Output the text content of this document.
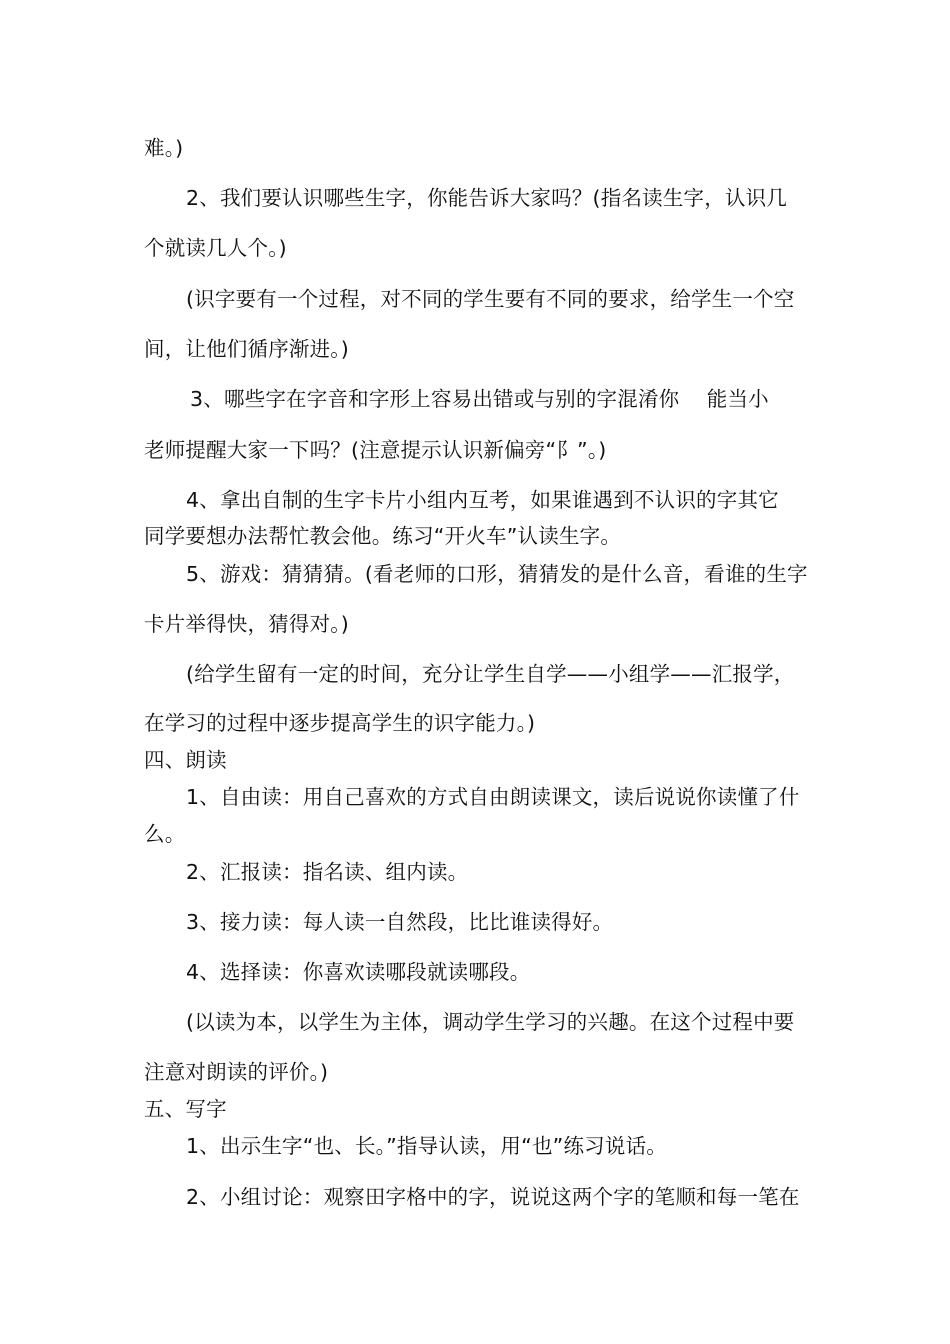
难。)
2、我们要认识哪些生字，你能告诉大家吗？(指名读生字，认识几
个就读几人个。)
(识字要有一个过程，对不同的学生要有不同的要求，给学生一个空
间，让他们循序渐进。)
3、哪些字在字音和字形上容易出错或与别的字混淆你　 能当小
老师提醒大家一下吗？(注意提示认识新偏旁“阝”。)
4、拿出自制的生字卡片小组内互考，如果谁遇到不认识的字其它
同学要想办法帮忙教会他。练习“开火车”认读生字。
5、游戏：猜猜猜。(看老师的口形，猜猜发的是什么音，看谁的生字
卡片举得快，猜得对。)
(给学生留有一定的时间，充分让学生自学——小组学——汇报学，
在学习的过程中逐步提高学生的识字能力。)
四、朗读
1、自由读：用自己喜欢的方式自由朗读课文，读后说说你读懂了什
么。
2、汇报读：指名读、组内读。
3、接力读：每人读一自然段，比比谁读得好。
4、选择读：你喜欢读哪段就读哪段。
(以读为本，以学生为主体，调动学生学习的兴趣。在这个过程中要
注意对朗读的评价。)
五、写字
1、出示生字“也、长。”指导认读，用“也”练习说话。
2、小组讨论：观察田字格中的字，说说这两个字的笔顺和每一笔在
